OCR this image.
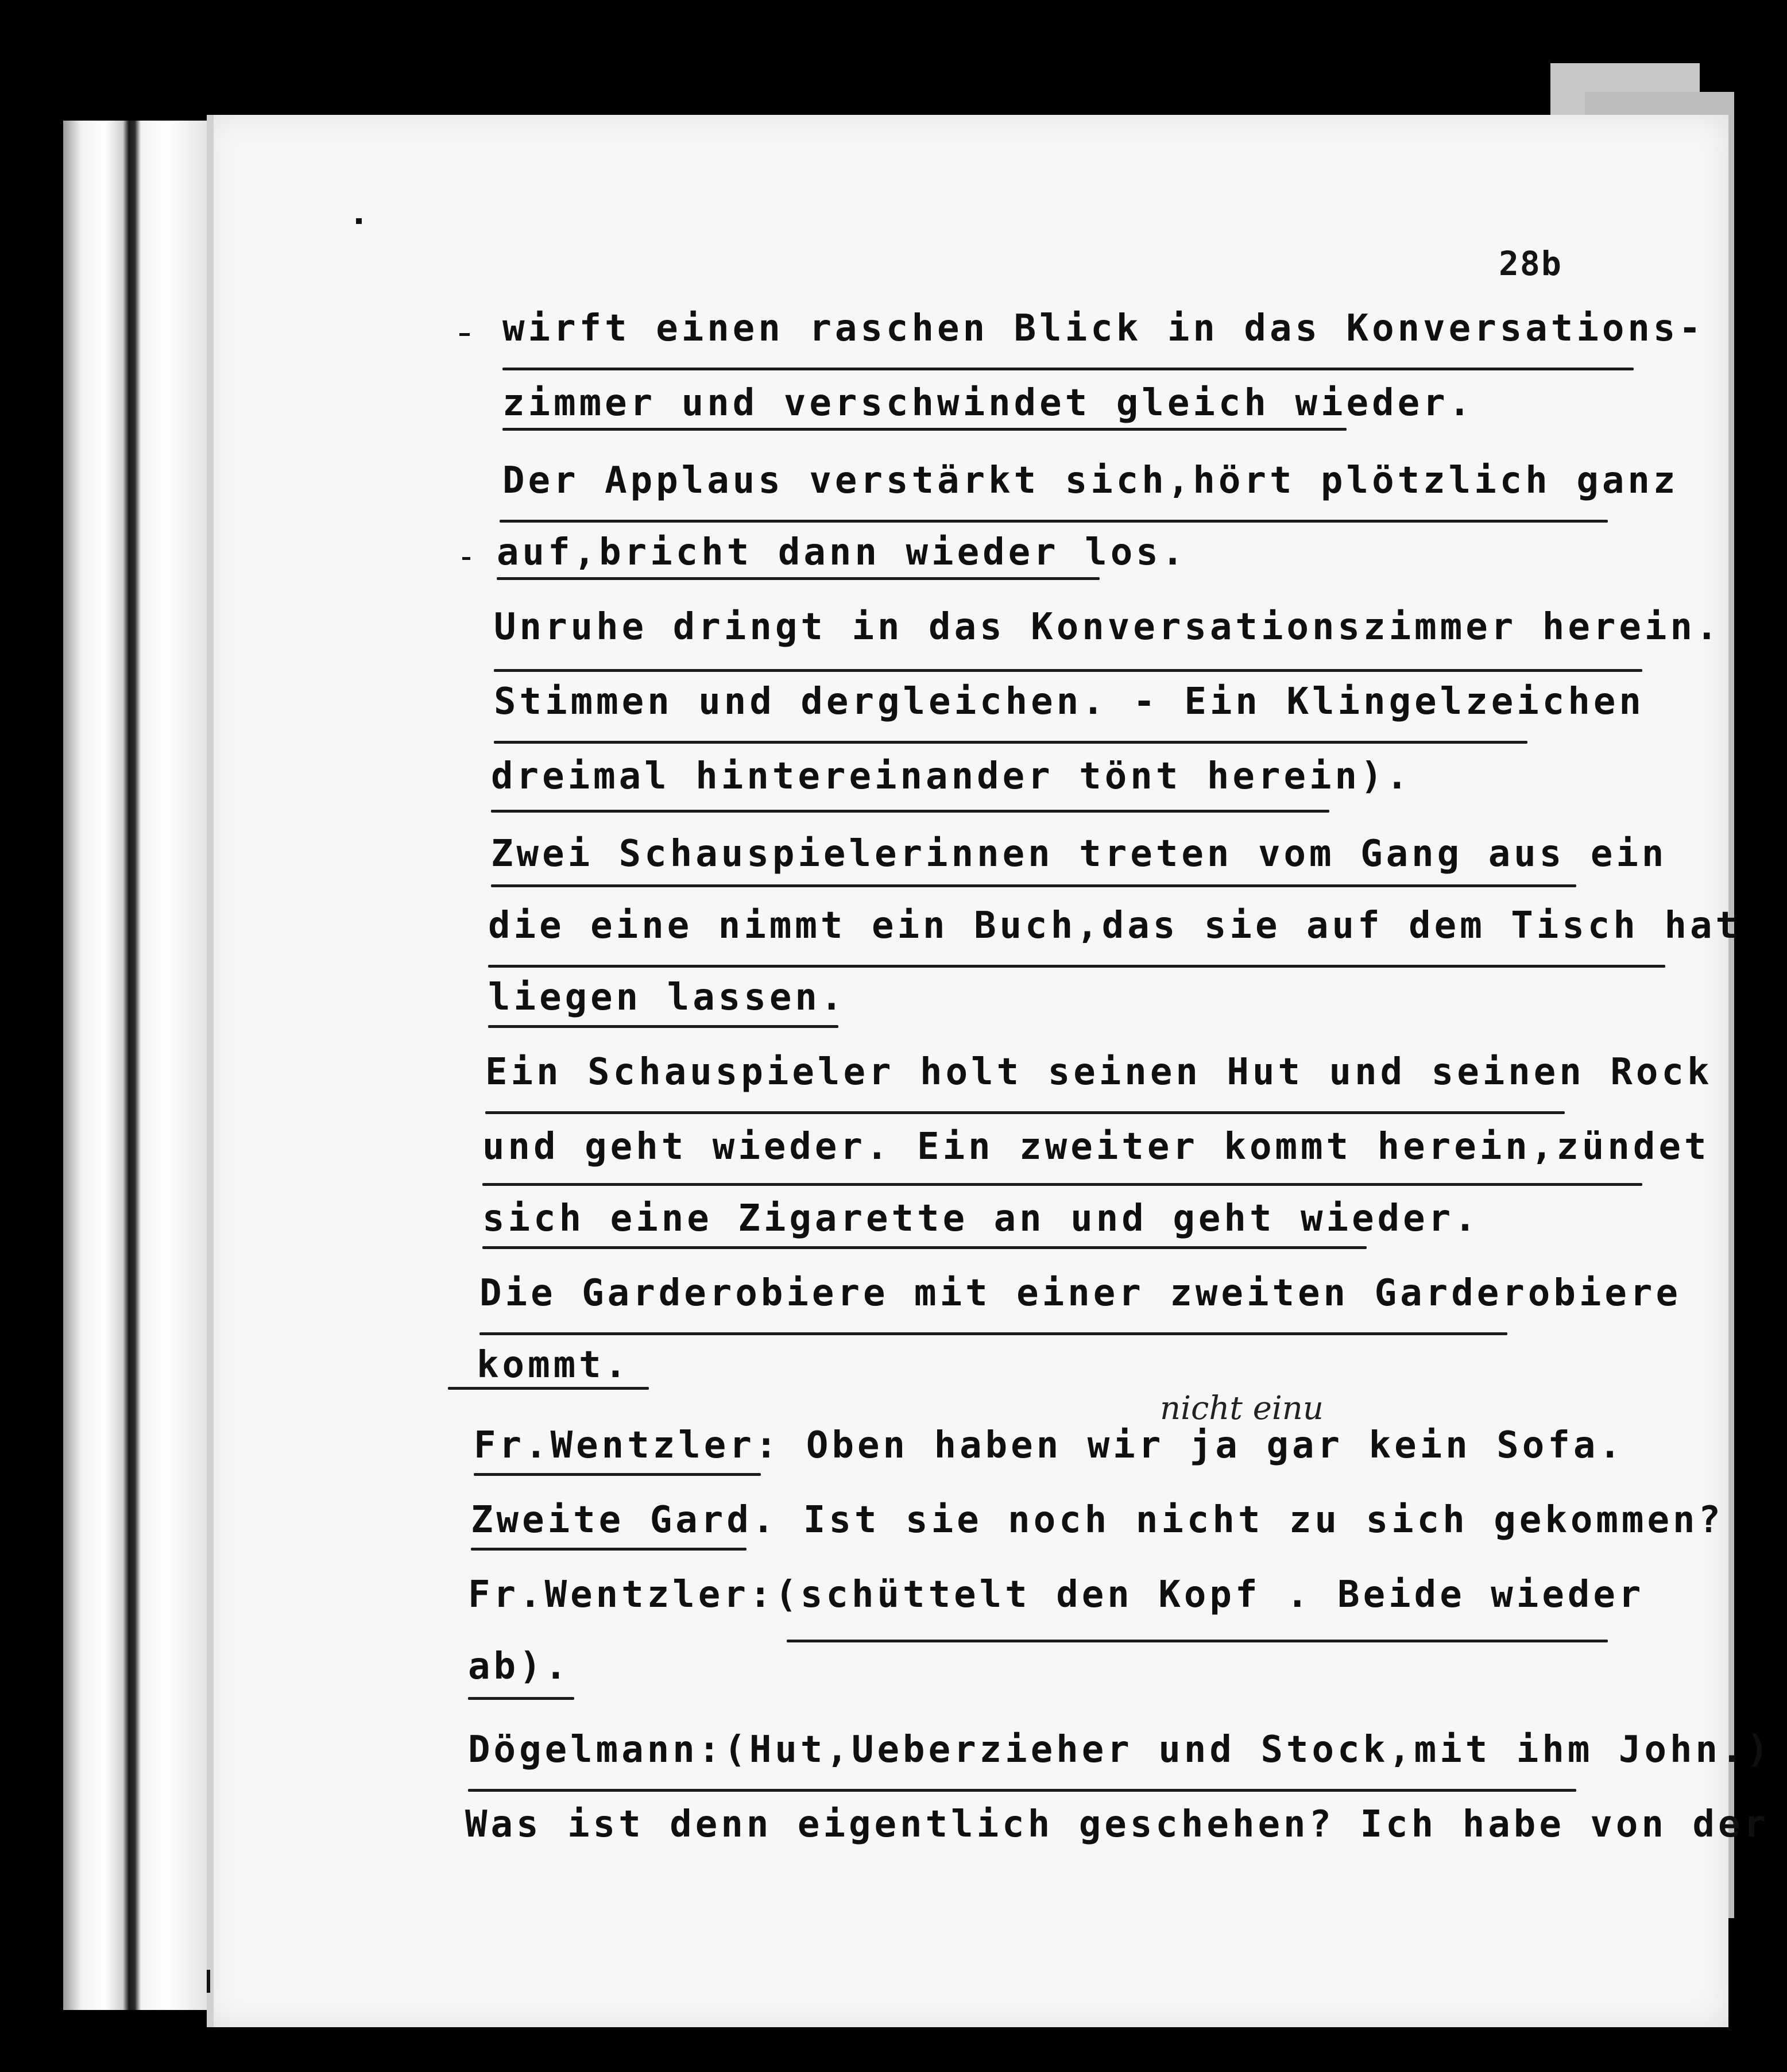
28b
nicht einu
wirft einen raschen Blick in das Konversations-
zimmer und verschwindet gleich wieder.
Der Applaus verstärkt sich,hört plötzlich ganz
auf,bricht dann wieder los.
Unruhe dringt in das Konversationszimmer herein.
Stimmen und dergleichen. - Ein Klingelzeichen
dreimal hintereinander tönt herein).
Zwei Schauspielerinnen treten vom Gang aus ein
die eine nimmt ein Buch,das sie auf dem Tisch hat
liegen lassen.
Ein Schauspieler holt seinen Hut und seinen Rock
und geht wieder. Ein zweiter kommt herein,zündet
sich eine Zigarette an und geht wieder.
Die Garderobiere mit einer zweiten Garderobiere
kommt.
Fr.Wentzler: Oben haben wir ja gar kein Sofa.
Zweite Gard. Ist sie noch nicht zu sich gekommen?
Fr.Wentzler:(schüttelt den Kopf . Beide wieder
ab).
Dögelmann:(Hut,Ueberzieher und Stock,mit ihm John.)
Was ist denn eigentlich geschehen? Ich habe von der
